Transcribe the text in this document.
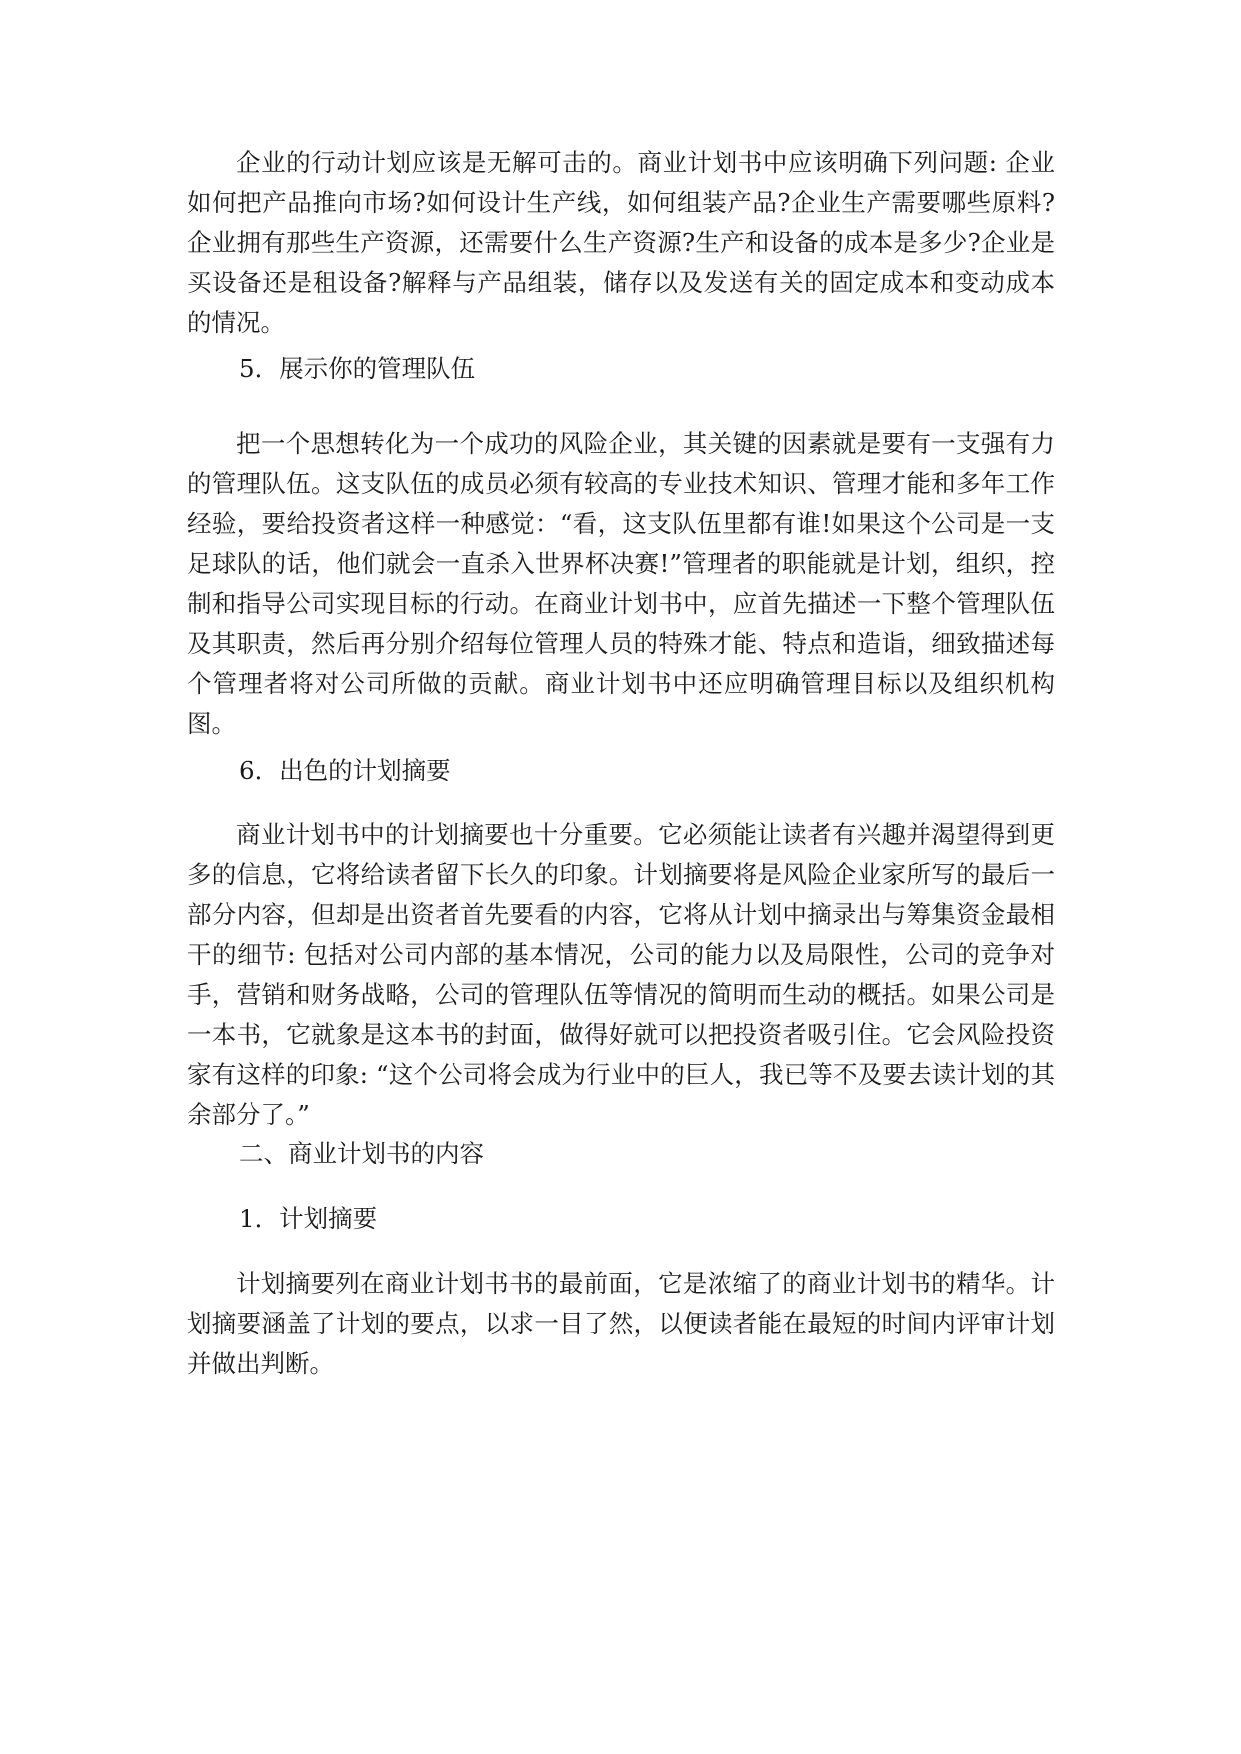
企业的行动计划应该是无解可击的。商业计划书中应该明确下列问题: 企业如何把产品推向市场?如何设计生产线，如何组装产品?企业生产需要哪些原料?企业拥有那些生产资源，还需要什么生产资源?生产和设备的成本是多少?企业是买设备还是租设备?解释与产品组装，储存以及发送有关的固定成本和变动成本的情况。

5．展示你的管理队伍

把一个思想转化为一个成功的风险企业，其关键的因素就是要有一支强有力的管理队伍。这支队伍的成员必须有较高的专业技术知识、管理才能和多年工作经验，要给投资者这样一种感觉：“看，这支队伍里都有谁!如果这个公司是一支足球队的话，他们就会一直杀入世界杯决赛!”管理者的职能就是计划，组织，控制和指导公司实现目标的行动。在商业计划书中，应首先描述一下整个管理队伍及其职责，然后再分别介绍每位管理人员的特殊才能、特点和造诣，细致描述每个管理者将对公司所做的贡献。商业计划书中还应明确管理目标以及组织机构图。

6．出色的计划摘要

商业计划书中的计划摘要也十分重要。它必须能让读者有兴趣并渴望得到更多的信息，它将给读者留下长久的印象。计划摘要将是风险企业家所写的最后一部分内容，但却是出资者首先要看的内容，它将从计划中摘录出与筹集资金最相干的细节: 包括对公司内部的基本情况，公司的能力以及局限性，公司的竞争对手，营销和财务战略，公司的管理队伍等情况的简明而生动的概括。如果公司是一本书，它就象是这本书的封面，做得好就可以把投资者吸引住。它会风险投资家有这样的印象: “这个公司将会成为行业中的巨人，我已等不及要去读计划的其余部分了。”

二、商业计划书的内容

1．计划摘要

计划摘要列在商业计划书书的最前面，它是浓缩了的商业计划书的精华。计划摘要涵盖了计划的要点，以求一目了然，以便读者能在最短的时间内评审计划并做出判断。
